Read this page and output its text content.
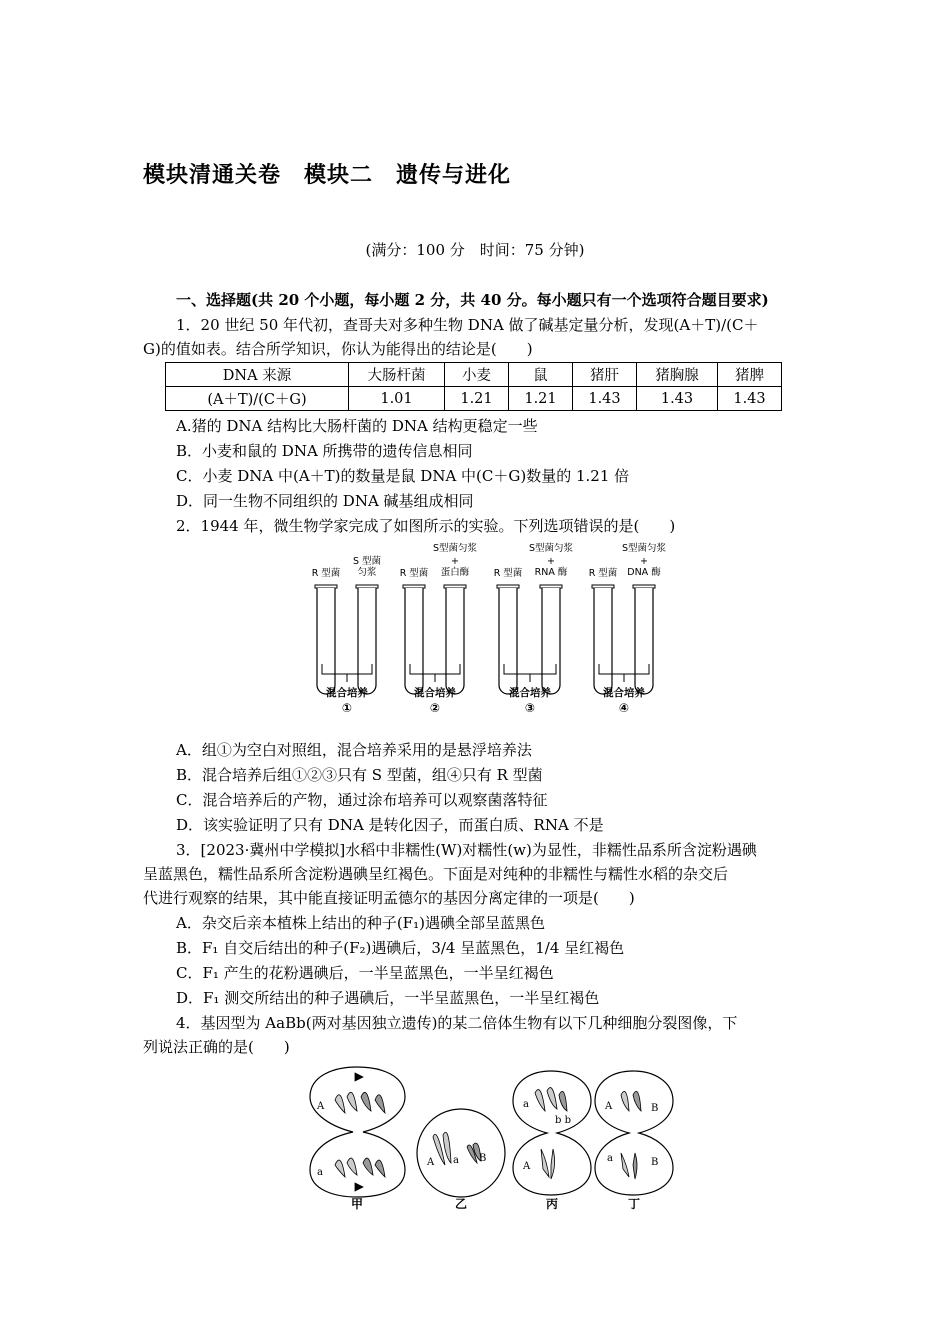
模块清通关卷　模块二　遗传与进化
(满分：100 分　时间：75 分钟)
一、选择题(共 20 个小题，每小题 2 分，共 40 分。每小题只有一个选项符合题目要求)
1．20 世纪 50 年代初，查哥夫对多种生物 DNA 做了碱基定量分析，发现(A＋T)/(C＋
G)的值如表。结合所学知识，你认为能得出的结论是(　　)
DNA 来源	大肠杆菌	小麦	鼠	猪肝	猪胸腺	猪脾
(A＋T)/(C＋G)	1.01	1.21	1.21	1.43	1.43	1.43
A.猪的 DNA 结构比大肠杆菌的 DNA 结构更稳定一些
B．小麦和鼠的 DNA 所携带的遗传信息相同
C．小麦 DNA 中(A＋T)的数量是鼠 DNA 中(C＋G)数量的 1.21 倍
D．同一生物不同组织的 DNA 碱基组成相同
2．1944 年，微生物学家完成了如图所示的实验。下列选项错误的是(　　)
R 型菌
S 型菌
匀浆 R 型菌
S型菌匀浆
+
蛋白酶	R 型菌
S型菌匀浆
+
RNA 酶 R 型菌
S型菌匀浆
+
DNA 酶
混合培养	混合培养	混合培养	混合培养
①	②	③	④
A．组①为空白对照组，混合培养采用的是悬浮培养法
B．混合培养后组①②③只有 S 型菌，组④只有 R 型菌
C．混合培养后的产物，通过涂布培养可以观察菌落特征
D．该实验证明了只有 DNA 是转化因子，而蛋白质、RNA 不是
3．[2023·冀州中学模拟]水稻中非糯性(W)对糯性(w)为显性，非糯性品系所含淀粉遇碘
呈蓝黑色，糯性品系所含淀粉遇碘呈红褐色。下面是对纯种的非糯性与糯性水稻的杂交后
代进行观察的结果，其中能直接证明孟德尔的基因分离定律的一项是(　　)
A．杂交后亲本植株上结出的种子(F₁)遇碘全部呈蓝黑色
B．F₁ 自交后结出的种子(F₂)遇碘后，3/4 呈蓝黑色，1/4 呈红褐色
C．F₁ 产生的花粉遇碘后，一半呈蓝黑色，一半呈红褐色
D．F₁ 测交所结出的种子遇碘后，一半呈蓝黑色，一半呈红褐色
4．基因型为 AaBb(两对基因独立遗传)的某二倍体生物有以下几种细胞分裂图像，下
列说法正确的是(　　)
A
a
A a B
a
b b
A
A	B
a	B
甲	乙	丙	丁
